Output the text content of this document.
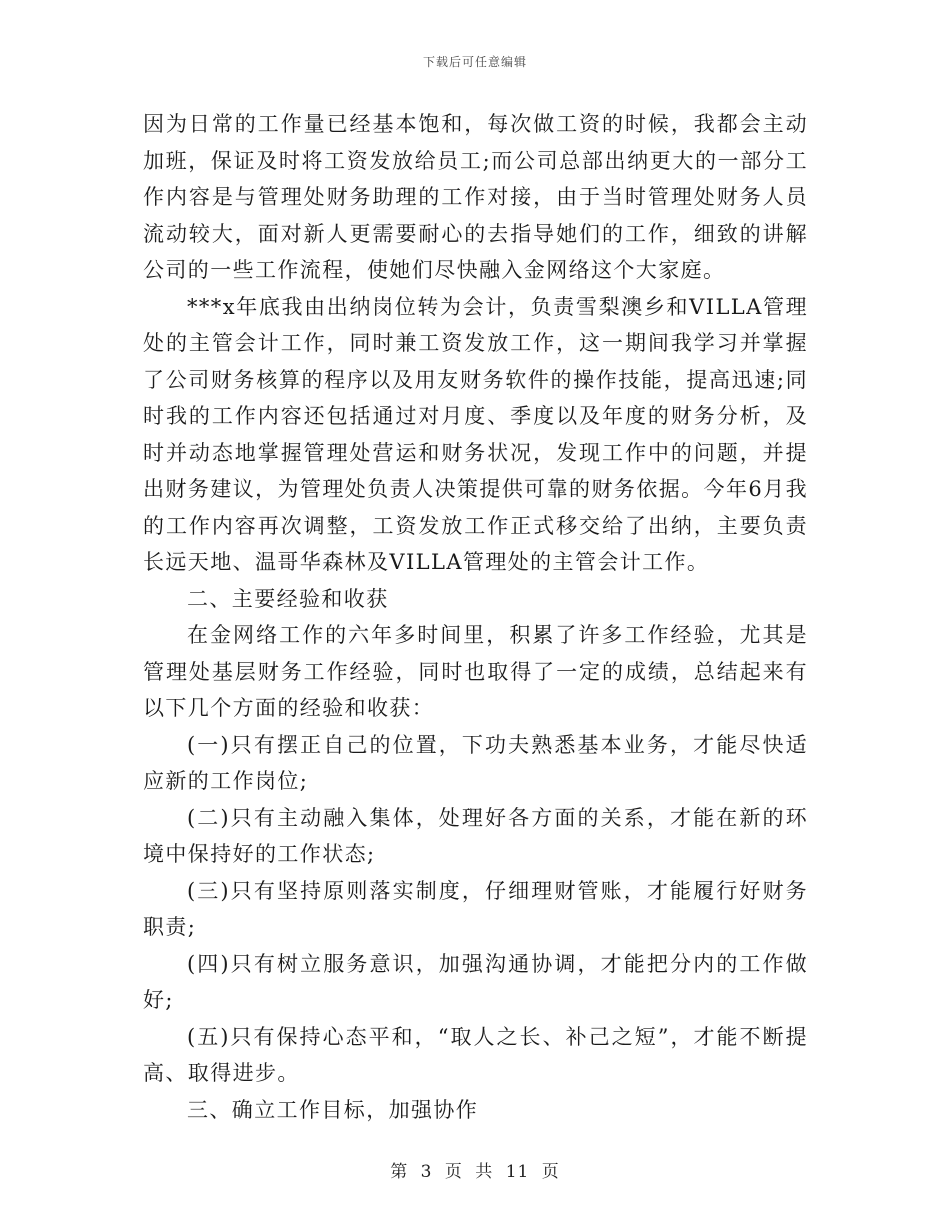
下载后可任意编辑

因为日常的工作量已经基本饱和，每次做工资的时候，我都会主动加班，保证及时将工资发放给员工;而公司总部出纳更大的一部分工作内容是与管理处财务助理的工作对接，由于当时管理处财务人员流动较大，面对新人更需要耐心的去指导她们的工作，细致的讲解公司的一些工作流程，使她们尽快融入金网络这个大家庭。

***x年底我由出纳岗位转为会计，负责雪梨澳乡和VILLA管理处的主管会计工作，同时兼工资发放工作，这一期间我学习并掌握了公司财务核算的程序以及用友财务软件的操作技能，提高迅速;同时我的工作内容还包括通过对月度、季度以及年度的财务分析，及时并动态地掌握管理处营运和财务状况，发现工作中的问题，并提出财务建议，为管理处负责人决策提供可靠的财务依据。今年6月我的工作内容再次调整，工资发放工作正式移交给了出纳，主要负责长远天地、温哥华森林及VILLA管理处的主管会计工作。

二、主要经验和收获

在金网络工作的六年多时间里，积累了许多工作经验，尤其是管理处基层财务工作经验，同时也取得了一定的成绩，总结起来有以下几个方面的经验和收获：

(一)只有摆正自己的位置，下功夫熟悉基本业务，才能尽快适应新的工作岗位;

(二)只有主动融入集体，处理好各方面的关系，才能在新的环境中保持好的工作状态;

(三)只有坚持原则落实制度，仔细理财管账，才能履行好财务职责;

(四)只有树立服务意识，加强沟通协调，才能把分内的工作做好;

(五)只有保持心态平和，“取人之长、补己之短”，才能不断提高、取得进步。

三、确立工作目标，加强协作

第 3 页 共 11 页
